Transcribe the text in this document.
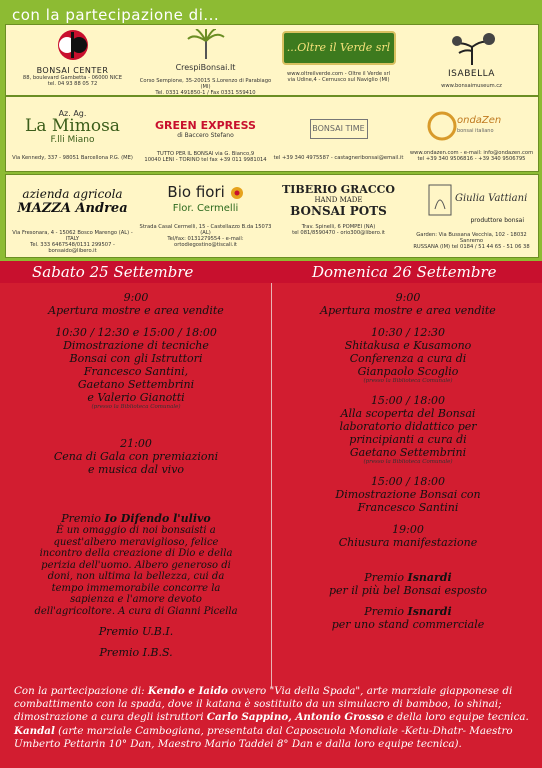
con la partecipazione di...
BONSAI CENTER
88, boulevard Gambetta - 06000 NICE
tel. 04 93 88 05 72
CrespiBonsai.It
Corso Sempione, 35-20015 S.Lorenzo di Parabiago (MI)
Tel. 0331 491850-1 / Fax 0331 559410
...Oltre il Verde srl
www.oltreilverde.com - Oltre il Verde srl
via Udine,4 - Cernusco sul Naviglio (MI)
ISABELLA
www.bonsaimuseum.cz
Az. Ag.
La Mimosa
F.lli Miano
Via Kennedy, 337 - 98051 Barcellona P.G. (ME)
GREEN EXPRESS
di Baccero Stefano
TUTTO PER IL BONSAI via G. Bianco,9
10040 LENI - TORINO tel fax +39 011 9981014
BONSAI TIME
tel +39 340 4975587 - castagneribonsai@email.it
ondaZen
bonsai italiano
www.ondazen.com - e-mail: info@ondazen.com
tel +39 340 9506816 - +39 340 9506795
azienda agricola
MAZZA Andrea
Via Fresonara, 4 - 15062 Bosco Marengo (AL) - ITALY
Tel. 333 6467548/0131 299507 - bonsaido@libero.it
Bio fiori
Flor. Cermelli
Strada Casal Cermelli, 15 - Castellazzo B.da 15073 (AL)
Tel/fax: 0131279554 - e-mail: ortodiegostino@tiscali.it
TIBERIO GRACCO
HAND MADE
BONSAI POTS
Trav. Spinelli, 6 POMPEI (NA)
tel 081/8590470 - orio300@libero.it
Giulia Vattiani
produttore bonsai
Garden: Via Bussana Vecchia, 102 - 18032 Sanremo
RUSSANA (IM) tel 0184 / 51 44 65 - 51 06 38
Sabato 25 Settembre	Domenica 26 Settembre
9:00
Apertura mostre e area vendite
10:30 / 12:30 e 15:00 / 18:00
Dimostrazione di tecniche
Bonsai con gli Istruttori
Francesco Santini,
Gaetano Settembrini
e Valerio Gianotti
(presso la Biblioteca Comunale)
21:00
Cena di Gala con premiazioni
e musica dal vivo
Premio Io Difendo l'ulivo
È un omaggio di noi bonsaisti a
quest'albero meraviglioso, felice
incontro della creazione di Dio e della
perizia dell'uomo. Albero generoso di
doni, non ultima la bellezza, cui da
tempo immemorabile concorre la
sapienza e l'amore devoto
dell'agricoltore. A cura di Gianni Picella
Premio U.B.I.
Premio I.B.S.
9:00
Apertura mostre e area vendite
10:30 / 12:30
Shitakusa e Kusamono
Conferenza a cura di
Gianpaolo Scoglio
(presso la Biblioteca Comunale)
15:00 / 18:00
Alla scoperta del Bonsai
laboratorio didattico per
principianti a cura di
Gaetano Settembrini
(presso la Biblioteca Comunale)
15:00 / 18:00
Dimostrazione Bonsai con
Francesco Santini
19:00
Chiusura manifestazione
Premio Isnardi
per il più bel Bonsai esposto
Premio Isnardi
per uno stand commerciale
Con la partecipazione di: Kendo e Iaido ovvero "Via della Spada", arte marziale giapponese di combattimento con la spada, dove il katana è sostituito da un simulacro di bamboo, lo shinai; dimostrazione a cura degli istruttori Carlo Sappino, Antonio Grosso e della loro equipe tecnica. Kandal (arte marziale Cambogiana, presentata dal Caposcuola Mondiale -Ketu-Dhatr- Maestro Umberto Pettarin 10° Dan, Maestro Mario Taddei 8° Dan e dalla loro equipe tecnica).
